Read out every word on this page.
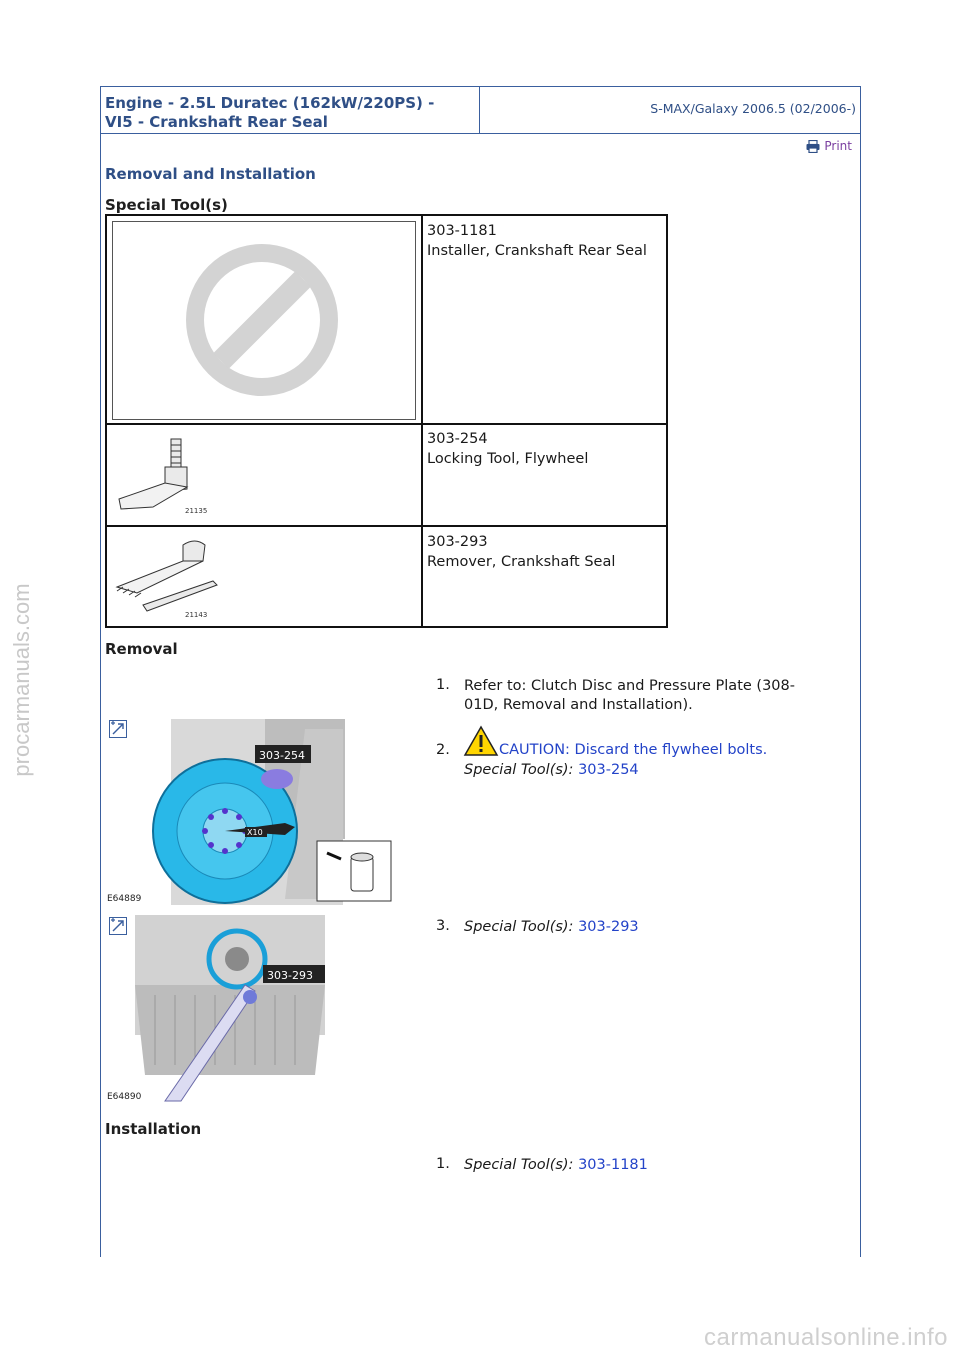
procarmanuals.com
Engine - 2.5L Duratec (162kW/220PS) -
VI5 - Crankshaft Rear Seal
S-MAX/Galaxy 2006.5 (02/2006-)
Print
Removal and Installation
Special Tool(s)
303-1181
Installer, Crankshaft Rear Seal
21135
303-254
Locking Tool, Flywheel
21143
303-293
Remover, Crankshaft Seal
Removal
1. Refer to: Clutch Disc and Pressure Plate (308-
01D, Removal and Installation).
303-254
X10
E64889
2.	CAUTION: Discard the flywheel bolts.
Special Tool(s): 303-254
303-293
E64890
3. Special Tool(s): 303-293
Installation
1. Special Tool(s): 303-1181
carmanualsonline.info
